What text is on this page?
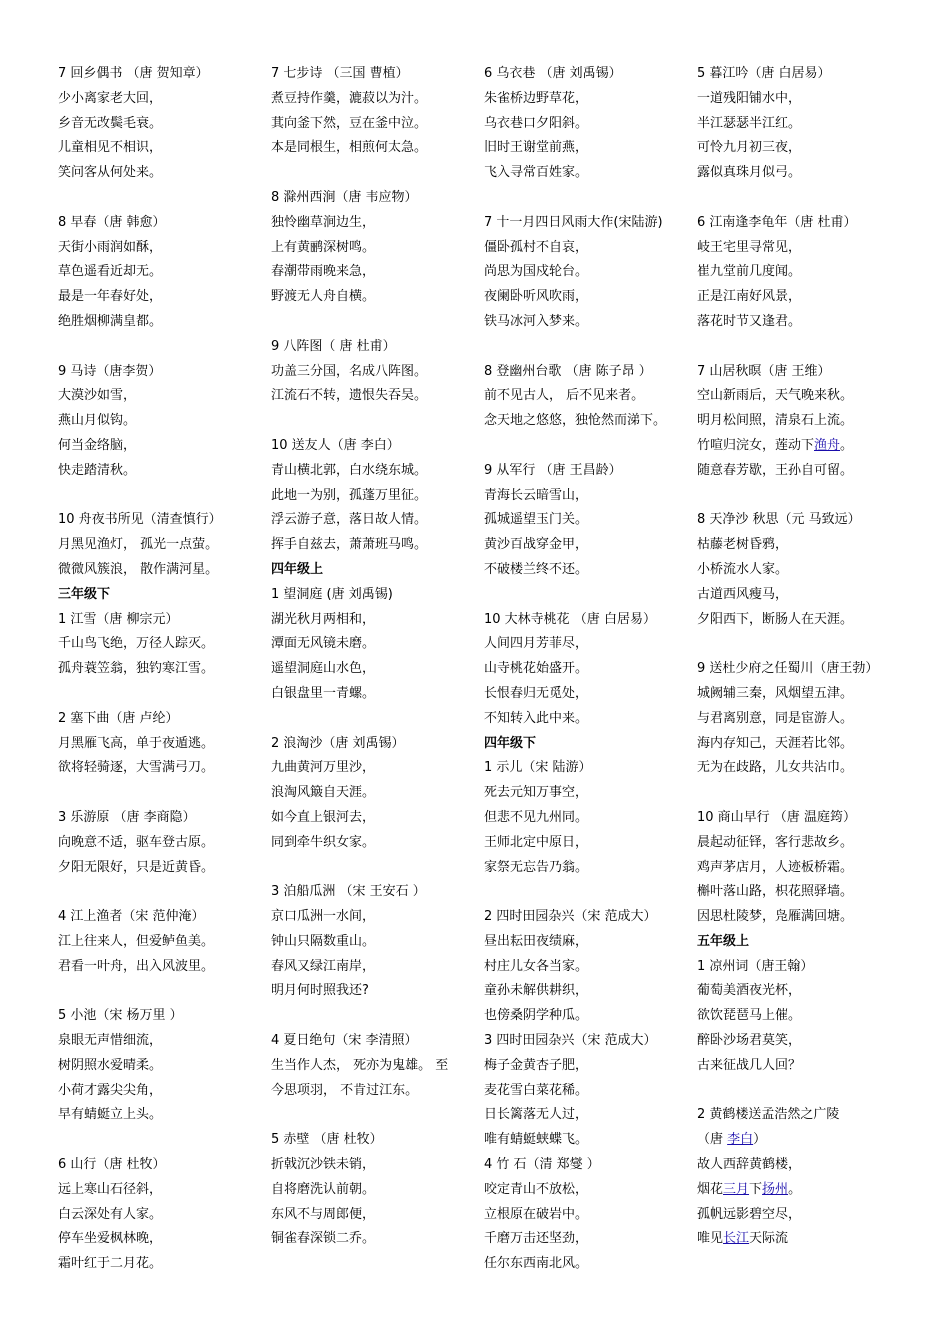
7 回乡偶书 （唐 贺知章）
少小离家老大回，
乡音无改鬓毛衰。
儿童相见不相识，
笑问客从何处来。
8 早春（唐 韩愈）
天街小雨润如酥，
草色遥看近却无。
最是一年春好处，
绝胜烟柳满皇都。
9 马诗（唐李贺）
大漠沙如雪，
燕山月似钩。
何当金络脑，
快走踏清秋。
10 舟夜书所见（清查慎行）
月黑见渔灯， 孤光一点萤。
微微风簇浪， 散作满河星。
三年级下
1 江雪（唐 柳宗元）
千山鸟飞绝，万径人踪灭。
孤舟蓑笠翁，独钓寒江雪。
2 塞下曲（唐 卢纶）
月黑雁飞高，单于夜遁逃。
欲将轻骑逐，大雪满弓刀。
3 乐游原 （唐 李商隐）
向晚意不适，驱车登古原。
夕阳无限好，只是近黄昏。
4 江上渔者（宋 范仲淹）
江上往来人，但爱鲈鱼美。
君看一叶舟，出入风波里。
5 小池（宋 杨万里 ）
泉眼无声惜细流，
树阴照水爱晴柔。
小荷才露尖尖角，
早有蜻蜓立上头。
6 山行（唐 杜牧）
远上寒山石径斜，
白云深处有人家。
停车坐爱枫林晚，
霜叶红于二月花。
7 七步诗 （三国 曹植）
煮豆持作羹，漉菽以为汁。
萁向釜下然，豆在釜中泣。
本是同根生，相煎何太急。
8 滁州西涧（唐 韦应物）
独怜幽草涧边生，
上有黄鹂深树鸣。
春潮带雨晚来急，
野渡无人舟自横。
9 八阵图（ 唐 杜甫）
功盖三分国，名成八阵图。
江流石不转，遗恨失吞吴。
10 送友人（唐 李白）
青山横北郭，白水绕东城。
此地一为别，孤蓬万里征。
浮云游子意，落日故人情。
挥手自兹去，萧萧班马鸣。
四年级上
1 望洞庭 (唐 刘禹锡)
湖光秋月两相和，
潭面无风镜未磨。
遥望洞庭山水色，
白银盘里一青螺。
2 浪淘沙（唐 刘禹锡）
九曲黄河万里沙，
浪淘风簸自天涯。
如今直上银河去，
同到牵牛织女家。
3 泊船瓜洲 （宋 王安石 ）
京口瓜洲一水间，
钟山只隔数重山。
春风又绿江南岸，
明月何时照我还?
4 夏日绝句（宋 李清照）
生当作人杰， 死亦为鬼雄。 至
今思项羽， 不肯过江东。
5 赤壁 （唐 杜牧）
折戟沉沙铁未销，
自将磨洗认前朝。
东风不与周郎便，
铜雀春深锁二乔。
6 乌衣巷 （唐 刘禹锡）
朱雀桥边野草花，
乌衣巷口夕阳斜。
旧时王谢堂前燕，
飞入寻常百姓家。
7 十一月四日风雨大作(宋陆游)
僵卧孤村不自哀，
尚思为国戍轮台。
夜阑卧听风吹雨，
铁马冰河入梦来。
8 登幽州台歌 （唐 陈子昂 ）
前不见古人， 后不见来者。
念天地之悠悠，独怆然而涕下。
9 从军行 （唐 王昌龄）
青海长云暗雪山，
孤城遥望玉门关。
黄沙百战穿金甲，
不破楼兰终不还。
10 大林寺桃花 （唐 白居易）
人间四月芳菲尽，
山寺桃花始盛开。
长恨春归无觅处，
不知转入此中来。
四年级下
1 示儿（宋 陆游）
死去元知万事空，
但悲不见九州同。
王师北定中原日，
家祭无忘告乃翁。
2 四时田园杂兴（宋 范成大）
昼出耘田夜绩麻，
村庄儿女各当家。
童孙未解供耕织，
也傍桑阴学种瓜。
3 四时田园杂兴（宋 范成大）
梅子金黄杏子肥，
麦花雪白菜花稀。
日长篱落无人过，
唯有蜻蜓蛱蝶飞。
4 竹 石（清 郑燮 ）
咬定青山不放松，
立根原在破岩中。
千磨万击还坚劲，
任尔东西南北风。
5 暮江吟（唐 白居易）
一道残阳铺水中，
半江瑟瑟半江红。
可怜九月初三夜，
露似真珠月似弓。
6 江南逢李龟年（唐 杜甫）
岐王宅里寻常见，
崔九堂前几度闻。
正是江南好风景，
落花时节又逢君。
7 山居秋暝（唐 王维）
空山新雨后，天气晚来秋。
明月松间照，清泉石上流。
竹喧归浣女，莲动下渔舟。
随意春芳歇，王孙自可留。
8 天净沙 秋思（元 马致远）
枯藤老树昏鸦，
小桥流水人家。
古道西风瘦马，
夕阳西下，断肠人在天涯。
9 送杜少府之任蜀川（唐王勃）
城阙辅三秦，风烟望五津。
与君离别意，同是宦游人。
海内存知己，天涯若比邻。
无为在歧路，儿女共沾巾。
10 商山早行 （唐 温庭筠）
晨起动征铎，客行悲故乡。
鸡声茅店月，人迹板桥霜。
槲叶落山路，枳花照驿墙。
因思杜陵梦，凫雁满回塘。
五年级上
1 凉州词（唐王翰）
葡萄美酒夜光杯，
欲饮琵琶马上催。
醉卧沙场君莫笑，
古来征战几人回？
2 黄鹤楼送孟浩然之广陵
（唐 李白）
故人西辞黄鹤楼，
烟花三月下扬州。
孤帆远影碧空尽，
唯见长江天际流
